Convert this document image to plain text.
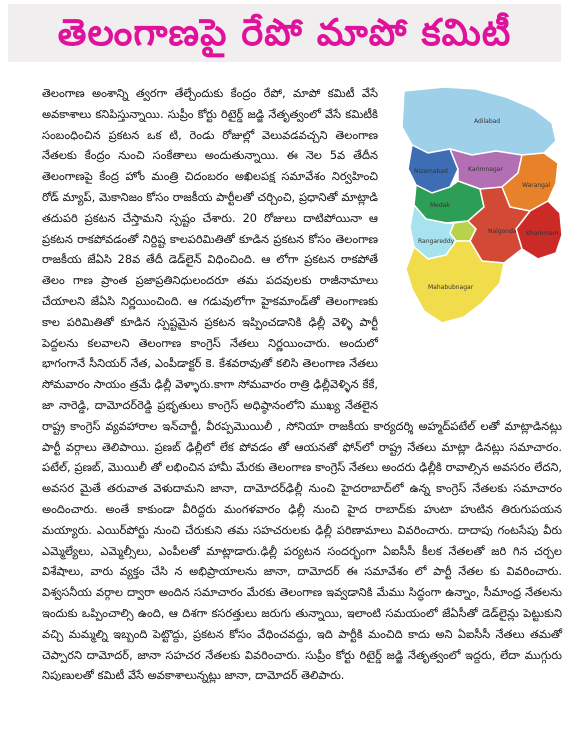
తెలంగాణపై రేపో మాపో కమిటీ
Adilabad
Nizamabad	Karimnagar
Warangal
Khammam
Medak
Nalgonda
Rangareddy
Mahabubnagar

తెలంగాణ అంశాన్ని త్వరగా తేల్చేందుకు కేంద్రం రేపో, మాపో కమిటీ వేసే అవకాశాలు కనిపిస్తున్నాయి. సుప్రీం కోర్టు రిటైర్డ్ జడ్జి నేతృత్వంలో వేసే కమిటీకి సంబంధించిన ప్రకటన ఒక టి, రెండు రోజుల్లో వెలువడవచ్చని తెలంగాణ నేతలకు కేంద్రం నుంచి సంకేతాలు అందుతున్నాయి. ఈ నెల 5వ తేదీన తెలంగాణపై కేంద్ర హోం మంత్రి చిదంబరం అఖిలపక్ష సమావేశం నిర్వహించి రోడ్ మ్యాప్, మెకానిజం కోసం రాజకీయ పార్టీలతో చర్చించి, ప్రధానితో మాట్లాడి తదుపరి ప్రకటన చేస్తామని స్పష్టం చేశారు. 20 రోజులు దాటిపోయినా ఆ ప్రకటన రాకపోవడంతో నిర్దిష్ట కాలపరిమితితో కూడిన ప్రకటన కోసం తెలంగాణ రాజకీయ జేఏసి 28వ తేదీ డెడ్‌లైన్ విధించింది. ఆ లోగా ప్రకటన రాకపోతే తెలం గాణ ప్రాంత ప్రజాప్రతినిధులందరూ తమ పదవులకు రాజీనామాలు చేయాలని జేఏసి నిర్ణయించింది. ఆ గడువులోగా హైకమాండ్‌తో తెలంగాణకు కాల పరిమితితో కూడిన స్పష్టమైన ప్రకటన ఇప్పించడానికి ఢిల్లీ వెళ్ళి పార్టీ పెద్దలను కలవాలని తెలంగాణ కాంగ్రెస్ నేతలు నిర్ణయించారు. అందులో భాగంగానే సీనియర్ నేత, ఎంపీడాక్టర్ కె. కేశవరావుతో కలిసి తెలంగాణ నేతలు సోమవారం సాయం త్రమే ఢిల్లీ వెళ్ళారు.కాగా సోమవారం రాత్రి ఢిల్లీవెళ్ళిన కేకే, జా నారెడ్డి, దామోదర్‌రెడ్డి ప్రభృతులు కాంగ్రెస్ అధిష్ఠానంలోని ముఖ్య నేతలైన రాష్ట్ర కాంగ్రెస్ వ్యవహారాల ఇన్‌చార్జీ, వీరప్పమొయిలీ , సోనియా రాజకీయ కార్యదర్శి అహ్మద్‌పటేల్ లతో మాట్లాడినట్లు పార్టీ వర్గాలు తెలిపాయి. ప్రణబ్ ఢిల్లీలో లేక పోవడం తో ఆయనతో ఫోన్‌లో రాష్ట్ర నేతలు మాట్లా డినట్లు సమాచారం. పటేల్, ప్రణబ్, మొయిలీ తో లభించిన హామీ మేరకు తెలంగాణ కాంగ్రెస్ నేతలు అందరు ఢిల్లీకి రావాల్సిన అవసరం లేదని, అవసర మైతే తరువాత వెళుదామని జానా, దామోదర్‌ఢిల్లీ నుంచి హైదరాబాద్‌లో ఉన్న కాంగ్రెస్ నేతలకు సమాచారం అందించారు. అంతే కాకుండా వీరిద్దరు మంగళవారం ఢిల్లీ నుంచి హైద రాబాద్‌కు హుటా హుటిన తిరుగుపయన మయ్యారు. ఎయిర్‌పోర్టు నుంచి చేరుకుని తమ సహచరులకు ఢిల్లీ పరిణామాలు వివరించారు. దాదాపు గంటసేపు వీరు ఎమ్మెల్యేలు, ఎమ్మెల్సీలు, ఎంపీలతో మాట్లాడారు.ఢిల్లీ పర్యటన సందర్భంగా ఏఐసీసీ కీలక నేతలతో జరి గిన చర్చల విశేషాలు, వారు వ్యక్తం చేసి న అభిప్రాయాలను జానా, దామోదర్ ఈ సమావేశం లో పార్టీ నేతల కు వివరించారు. విశ్వసనీయ వర్గాల ద్వారా అందిన సమాచారం మేరకు తెలంగాణ ఇవ్వడానికి మేము సిద్ధంగా ఉన్నాం, సీమాంధ్ర నేతలను ఇందుకు ఒప్పించాల్సి ఉంది, ఆ దిశగా కసరత్తులు జరుగు తున్నాయి, ఇలాంటి సమయంలో జేఏసీతో డెడ్‌లైన్లు పెట్టుకుని వచ్చి మమ్మల్ని ఇబ్బంది పెట్టొద్దు, ప్రకటన కోసం వేధించవద్దు, ఇది పార్టీకి మంచిది కాదు అని ఏఐసీసీ నేతలు తమతో చెప్పారని దామోదర్, జానా సహచర నేతలకు వివరించారు. సుప్రీం కోర్టు రిటైర్డ్ జడ్జి నేతృత్వంలో ఇద్దరు, లేదా ముగ్గురు నిపుణులతో కమిటీ వేసే అవకాశాలున్నట్లు జానా, దామోదర్ తెలిపారు.
